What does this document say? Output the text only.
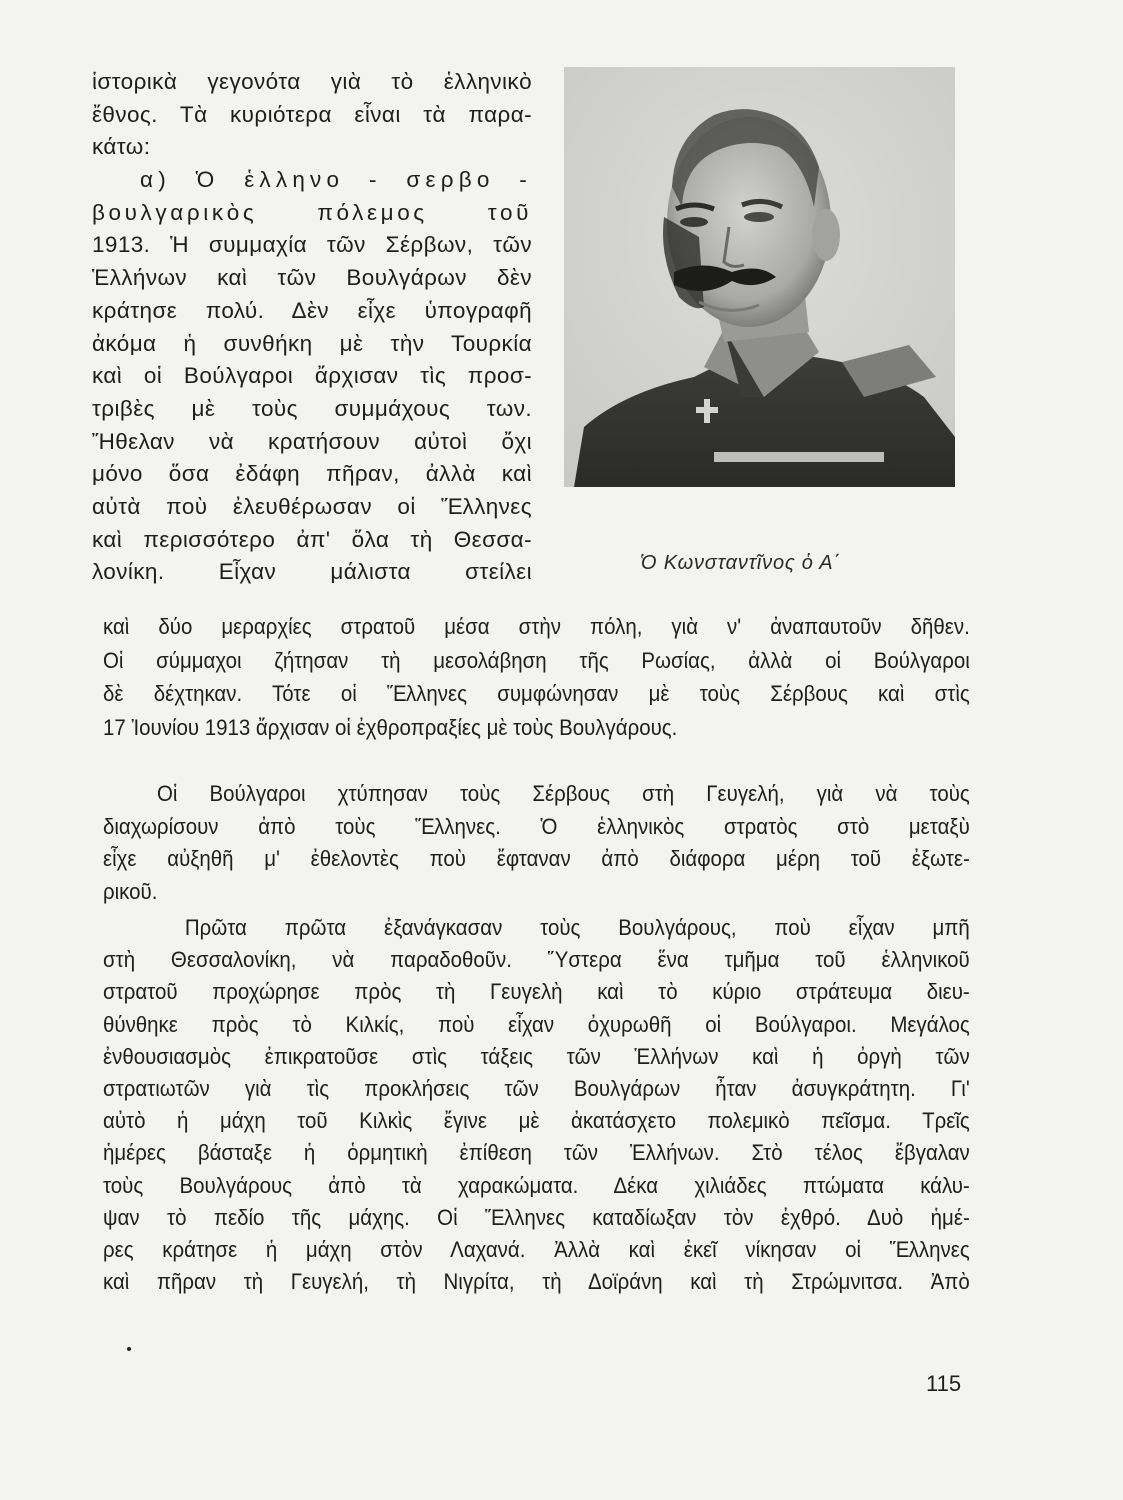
ἱστορικὰ γεγονότα γιὰ τὸ ἑλληνικὸ
ἔθνος. Τὰ κυριότερα εἶναι τὰ παρα-
κάτω:
α) Ὁ ἑλληνο - σερβο -
βουλγαρικὸς πόλεμος τοῦ
1913. Ἡ συμμαχία τῶν Σέρβων, τῶν
Ἑλλήνων καὶ τῶν Βουλγάρων δὲν
κράτησε πολύ. Δὲν εἶχε ὑπογραφῆ
ἀκόμα ἡ συνθήκη μὲ τὴν Τουρκία
καὶ οἱ Βούλγαροι ἄρχισαν τὶς προσ-
τριβὲς μὲ τοὺς συμμάχους των.
Ἤθελαν νὰ κρατήσουν αὐτοὶ ὄχι
μόνο ὅσα ἐδάφη πῆραν, ἀλλὰ καὶ
αὐτὰ ποὺ ἐλευθέρωσαν οἱ Ἕλληνες
καὶ περισσότερο ἀπ' ὅλα τὴ Θεσσα-
λονίκη. Εἶχαν μάλιστα στείλει	Ὁ Κωνσταντῖνος ὁ Α΄
καὶ δύο μεραρχίες στρατοῦ μέσα στὴν πόλη, γιὰ ν' ἀναπαυτοῦν δῆθεν.
Οἱ σύμμαχοι ζήτησαν τὴ μεσολάβηση τῆς Ρωσίας, ἀλλὰ οἱ Βούλγαροι
δὲ δέχτηκαν. Τότε οἱ Ἕλληνες συμφώνησαν μὲ τοὺς Σέρβους καὶ στὶς
17 Ἰουνίου 1913 ἄρχισαν οἱ ἐχθροπραξίες μὲ τοὺς Βουλγάρους.
Οἱ Βούλγαροι χτύπησαν τοὺς Σέρβους στὴ Γευγελή, γιὰ νὰ τοὺς
διαχωρίσουν ἀπὸ τοὺς Ἕλληνες. Ὁ ἑλληνικὸς στρατὸς στὸ μεταξὺ
εἶχε αὐξηθῆ μ' ἐθελοντὲς ποὺ ἔφταναν ἀπὸ διάφορα μέρη τοῦ ἐξωτε-
ρικοῦ.
Πρῶτα πρῶτα ἐξανάγκασαν τοὺς Βουλγάρους, ποὺ εἶχαν μπῆ
στὴ Θεσσαλονίκη, νὰ παραδοθοῦν. Ὕστερα ἕνα τμῆμα τοῦ ἑλληνικοῦ
στρατοῦ προχώρησε πρὸς τὴ Γευγελὴ καὶ τὸ κύριο στράτευμα διευ-
θύνθηκε πρὸς τὸ Κιλκίς, ποὺ εἶχαν ὀχυρωθῆ οἱ Βούλγαροι. Μεγάλος
ἐνθουσιασμὸς ἐπικρατοῦσε στὶς τάξεις τῶν Ἑλλήνων καὶ ἡ ὀργὴ τῶν
στρατιωτῶν γιὰ τὶς προκλήσεις τῶν Βουλγάρων ἦταν ἀσυγκράτητη. Γι'
αὐτὸ ἡ μάχη τοῦ Κιλκὶς ἔγινε μὲ ἀκατάσχετο πολεμικὸ πεῖσμα. Τρεῖς
ἡμέρες βάσταξε ἡ ὁρμητικὴ ἐπίθεση τῶν Ἑλλήνων. Στὸ τέλος ἔβγαλαν
τοὺς Βουλγάρους ἀπὸ τὰ χαρακώματα. Δέκα χιλιάδες πτώματα κάλυ-
ψαν τὸ πεδίο τῆς μάχης. Οἱ Ἕλληνες καταδίωξαν τὸν ἐχθρό. Δυὸ ἡμέ-
ρες κράτησε ἡ μάχη στὸν Λαχανά. Ἀλλὰ καὶ ἐκεῖ νίκησαν οἱ Ἕλληνες
καὶ πῆραν τὴ Γευγελή, τὴ Νιγρίτα, τὴ Δοϊράνη καὶ τὴ Στρώμνιτσα. Ἀπὸ
115
